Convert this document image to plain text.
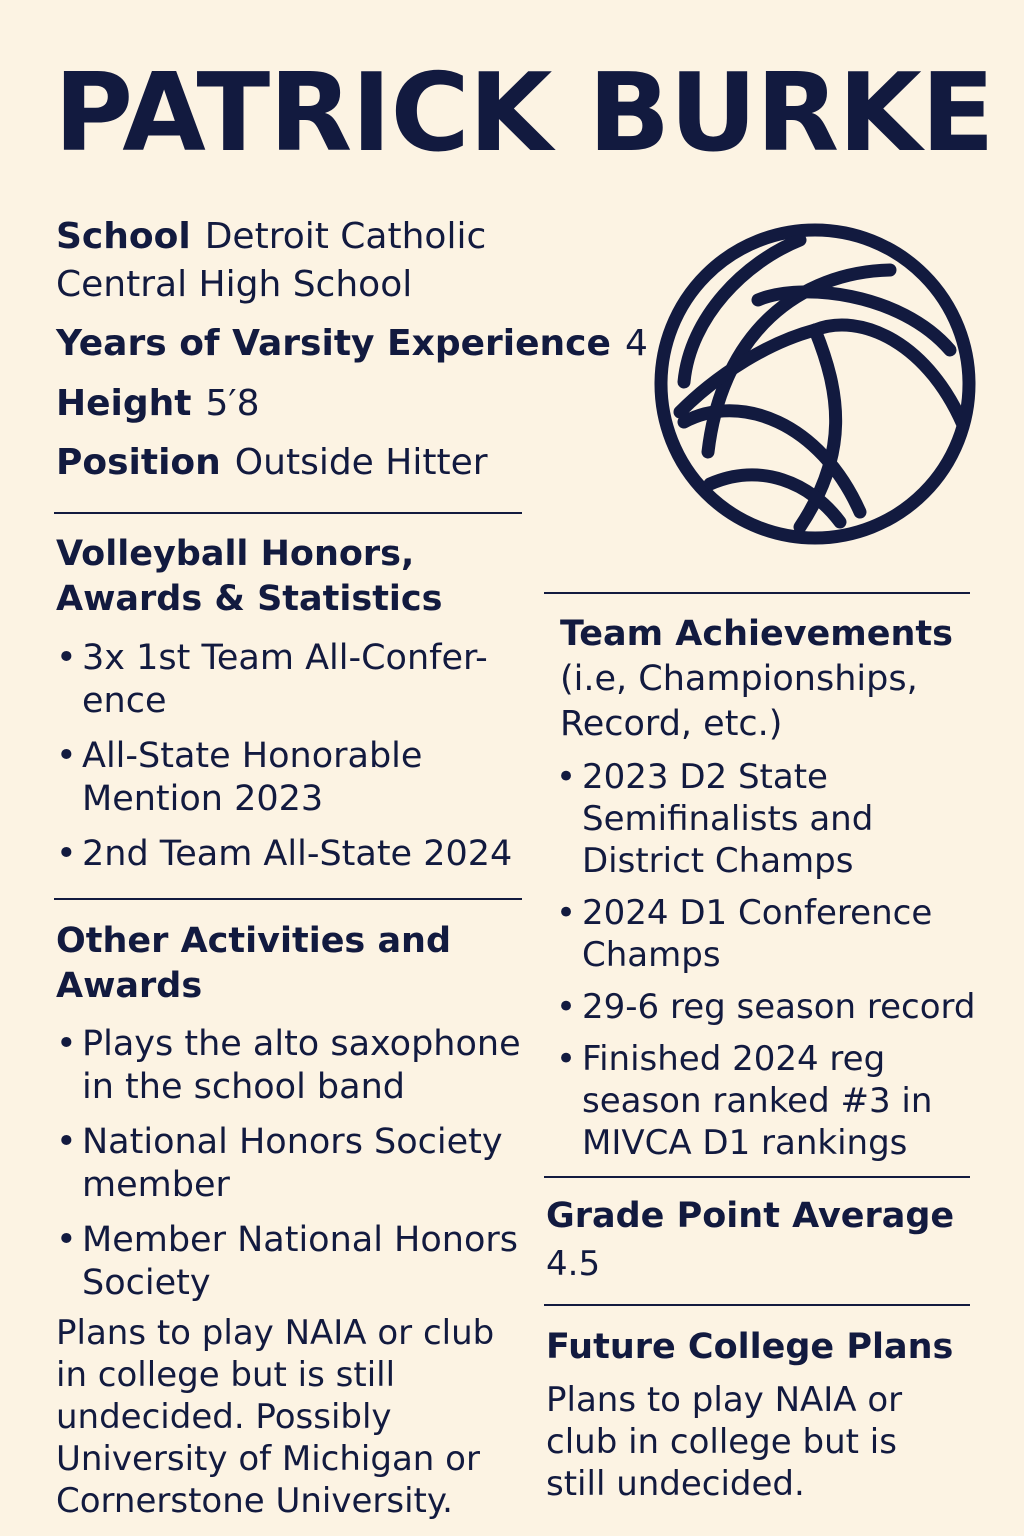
PATRICK BURKE
School Detroit Catholic
Central High School
Years of Varsity Experience 4
Height 5′8
Position Outside Hitter
Volleyball Honors,
Awards & Statistics
• 3x 1st Team All-Confer-ence
• All-State Honorable Mention 2023
• 2nd Team All-State 2024
Other Activities and
Awards
• Plays the alto saxophone in the school band
• National Honors Society member
• Member National Honors Society
Plans to play NAIA or club in college but is still undecided. Possibly University of Michigan or Cornerstone University.
Team Achievements
(i.e, Championships, Record, etc.)
• 2023 D2 State Semifinalists and District Champs
• 2024 D1 Conference Champs
• 29-6 reg season record
• Finished 2024 reg season ranked #3 in MIVCA D1 rankings
Grade Point Average
4.5
Future College Plans
Plans to play NAIA or club in college but is still undecided.
